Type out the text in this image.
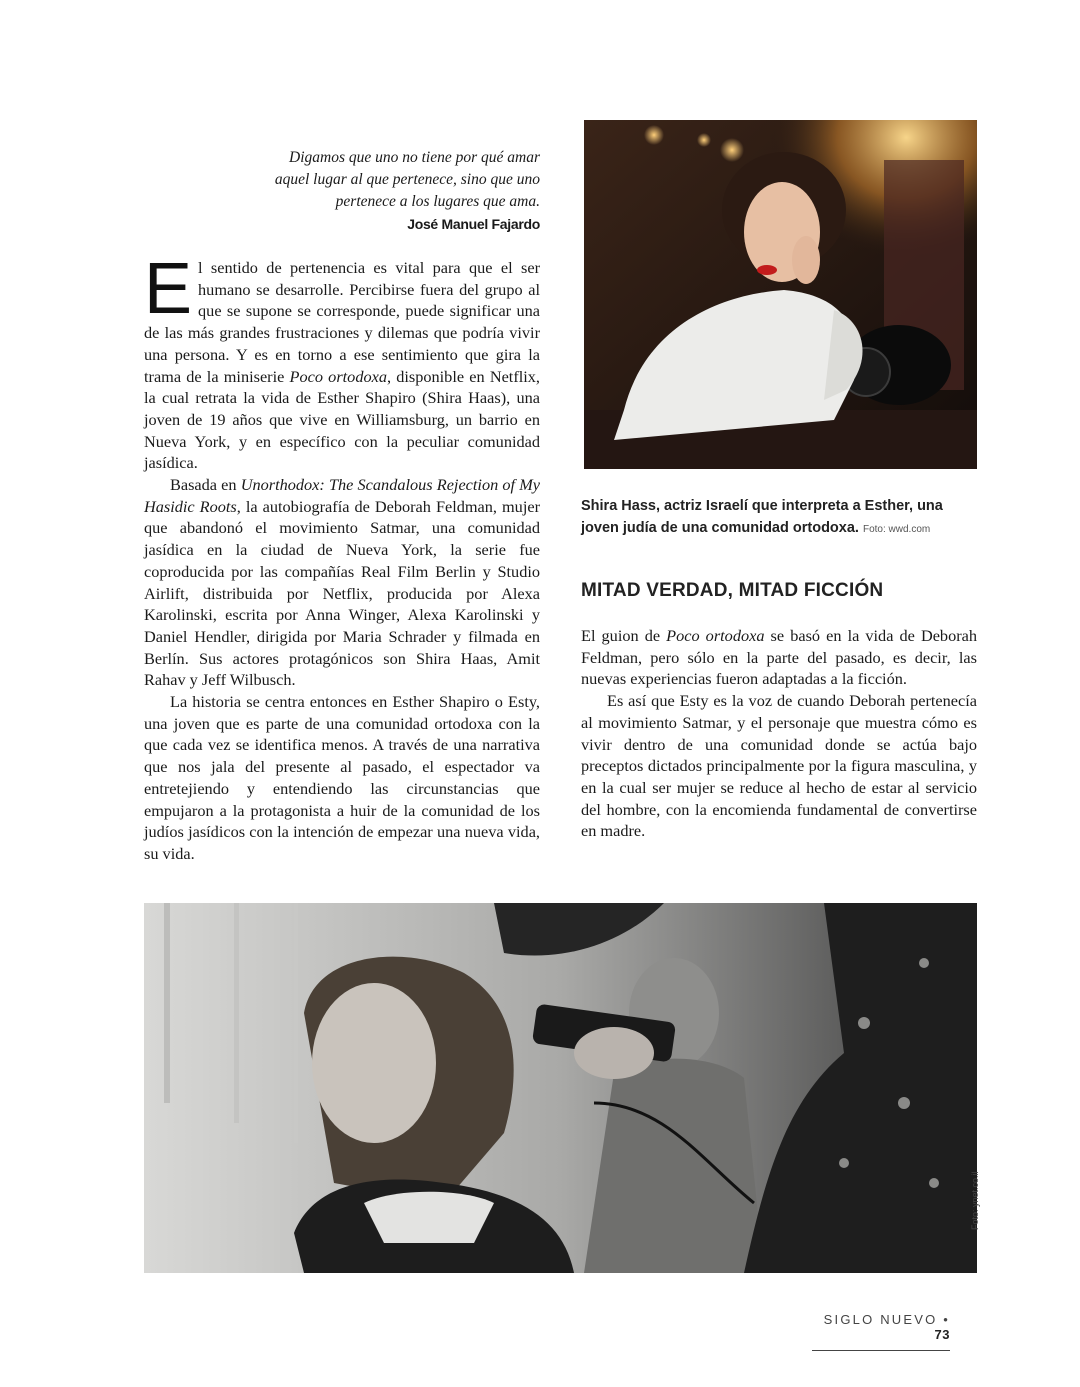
Digamos que uno no tiene por qué amar
aquel lugar al que pertenece, sino que uno
pertenece a los lugares que ama.
José Manuel Fajardo

El sentido de pertenencia es vital para que el ser humano se desarrolle. Percibirse fuera del grupo al que se supone se corresponde, puede significar una de las más grandes frustraciones y dilemas que podría vivir una persona. Y es en torno a ese sentimiento que gira la trama de la miniserie Poco ortodoxa, disponible en Netflix, la cual retrata la vida de Esther Shapiro (Shira Haas), una joven de 19 años que vive en Williamsburg, un barrio en Nueva York, y en específico con la peculiar comunidad jasídica.

Basada en Unorthodox: The Scandalous Rejection of My Hasidic Roots, la autobiografía de Deborah Feldman, mujer que abandonó el movimiento Satmar, una comunidad jasídica en la ciudad de Nueva York, la serie fue coproducida por las compañías Real Film Berlin y Studio Airlift, distribuida por Netflix, producida por Alexa Karolinski, escrita por Anna Winger, Alexa Karolinski y Daniel Hendler, dirigida por Maria Schrader y filmada en Berlín. Sus actores protagónicos son Shira Haas, Amit Rahav y Jeff Wilbusch.

La historia se centra entonces en Esther Shapiro o Esty, una joven que es parte de una comunidad ortodoxa con la que cada vez se identifica menos. A través de una narrativa que nos jala del presente al pasado, el espectador va entretejiendo y entendiendo las circunstancias que empujaron a la protagonista a huir de la comunidad de los judíos jasídicos con la intención de empezar una nueva vida, su vida.

Shira Hass, actriz Israelí que interpreta a Esther, una joven judía de una comunidad ortodoxa. Foto: wwd.com
MITAD VERDAD, MITAD FICCIÓN

El guion de Poco ortodoxa se basó en la vida de Deborah Feldman, pero sólo en la parte del pasado, es decir, las nuevas experiencias fueron adaptadas a la ficción.

Es así que Esty es la voz de cuando Deborah pertenecía al movimiento Satmar, y el personaje que muestra cómo es vivir dentro de una comunidad donde se actúa bajo preceptos dictados principalmente por la figura masculina, y en la cual ser mujer se reduce al hecho de estar al servicio del hombre, con la encomienda fundamental de convertirse en madre.

Foto: ynet.co.il
SIGLO NUEVO • 73
